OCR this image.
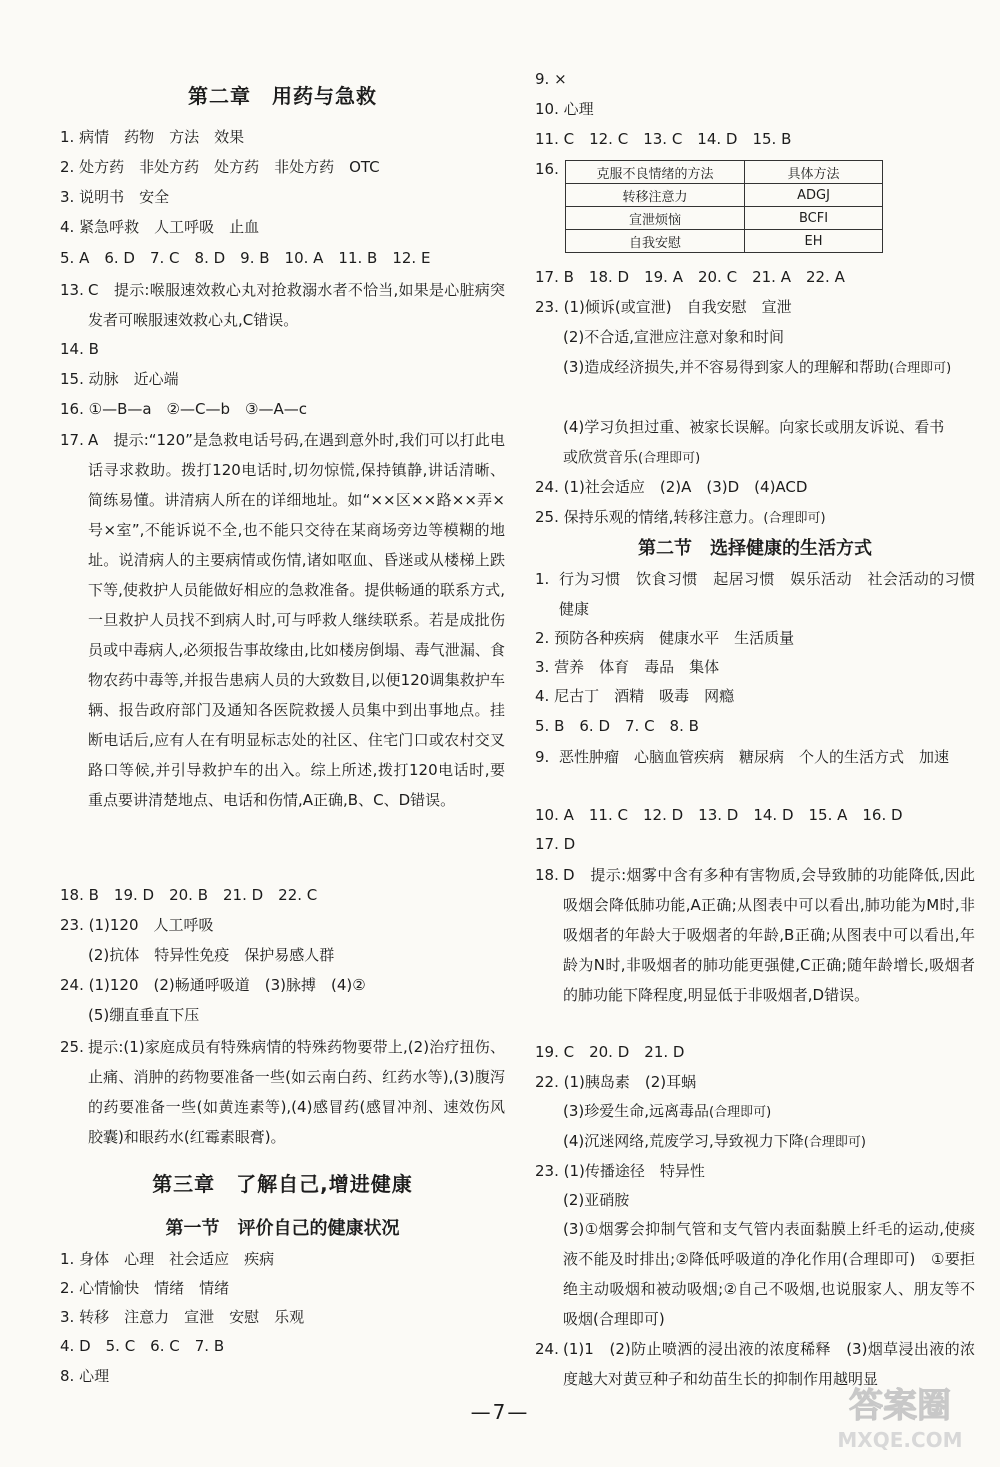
第二章　用药与急救
1. 病情　药物　方法　效果
2. 处方药　非处方药　处方药　非处方药　OTC
3. 说明书　安全
4. 紧急呼救　人工呼吸　止血
5. A　6. D　7. C　8. D　9. B　10. A　11. B　12. E
13. C　提示:喉服速效救心丸对抢救溺水者不恰当,如果是心脏病突发者可喉服速效救心丸,C错误。
14. B
15. 动脉　近心端
16. ①—B—a　②—C—b　③—A—c
17. A　提示:“120”是急救电话号码,在遇到意外时,我们可以打此电话寻求救助。拨打120电话时,切勿惊慌,保持镇静,讲话清晰、简练易懂。讲清病人所在的详细地址。如“××区××路××弄×号×室”,不能诉说不全,也不能只交待在某商场旁边等模糊的地址。说清病人的主要病情或伤情,诸如呕血、昏迷或从楼梯上跌下等,使救护人员能做好相应的急救准备。提供畅通的联系方式,一旦救护人员找不到病人时,可与呼救人继续联系。若是成批伤员或中毒病人,必须报告事故缘由,比如楼房倒塌、毒气泄漏、食物农药中毒等,并报告患病人员的大致数目,以便120调集救护车辆、报告政府部门及通知各医院救援人员集中到出事地点。挂断电话后,应有人在有明显标志处的社区、住宅门口或农村交叉路口等候,并引导救护车的出入。综上所述,拨打120电话时,要重点要讲清楚地点、电话和伤情,A正确,B、C、D错误。
18. B　19. D　20. B　21. D　22. C
23. (1)120　人工呼吸
(2)抗体　特异性免疫　保护易感人群
24. (1)120　(2)畅通呼吸道　(3)脉搏　(4)②
(5)绷直垂直下压
25. 提示:(1)家庭成员有特殊病情的特殊药物要带上,(2)治疗扭伤、止痛、消肿的药物要准备一些(如云南白药、红药水等),(3)腹泻的药要准备一些(如黄连素等),(4)感冒药(感冒冲剂、速效伤风胶囊)和眼药水(红霉素眼膏)。
第三章　了解自己,增进健康
第一节　评价自己的健康状况
1. 身体　心理　社会适应　疾病
2. 心情愉快　情绪　情绪
3. 转移　注意力　宣泄　安慰　乐观
4. D　5. C　6. C　7. B
8. 心理
9. ×
10. 心理
11. C　12. C　13. C　14. D　15. B
16.	克服不良情绪的方法	具体方法
转移注意力	ADGJ
宣泄烦恼	BCFI
自我安慰	EH
17. B　18. D　19. A　20. C　21. A　22. A
23. (1)倾诉(或宣泄)　自我安慰　宣泄
(2)不合适,宣泄应注意对象和时间
(3)造成经济损失,并不容易得到家人的理解和帮助(合理即可)
(4)学习负担过重、被家长误解。向家长或朋友诉说、看书
或欣赏音乐(合理即可)
24. (1)社会适应　(2)A　(3)D　(4)ACD
25. 保持乐观的情绪,转移注意力。(合理即可)
第二节　选择健康的生活方式
1. 行为习惯　饮食习惯　起居习惯　娱乐活动　社会活动的习惯　健康
2. 预防各种疾病　健康水平　生活质量
3. 营养　体育　毒品　集体
4. 尼古丁　酒精　吸毒　网瘾
5. B　6. D　7. C　8. B
9. 恶性肿瘤　心脑血管疾病　糖尿病　个人的生活方式　加速
10. A　11. C　12. D　13. D　14. D　15. A　16. D
17. D
18. D　提示:烟雾中含有多种有害物质,会导致肺的功能降低,因此吸烟会降低肺功能,A正确;从图表中可以看出,肺功能为M时,非吸烟者的年龄大于吸烟者的年龄,B正确;从图表中可以看出,年龄为N时,非吸烟者的肺功能更强健,C正确;随年龄增长,吸烟者的肺功能下降程度,明显低于非吸烟者,D错误。
19. C　20. D　21. D
22. (1)胰岛素　(2)耳蜗
(3)珍爱生命,远离毒品(合理即可)
(4)沉迷网络,荒废学习,导致视力下降(合理即可)
23. (1)传播途径　特异性
(2)亚硝胺
(3)①烟雾会抑制气管和支气管内表面黏膜上纤毛的运动,使痰液不能及时排出;②降低呼吸道的净化作用(合理即可)　①要拒绝主动吸烟和被动吸烟;②自己不吸烟,也说服家人、朋友等不吸烟(合理即可)
24. (1)1　(2)防止喷洒的浸出液的浓度稀释　(3)烟草浸出液的浓度越大对黄豆种子和幼苗生长的抑制作用越明显
—7—	答案圈
MXQE.COM
